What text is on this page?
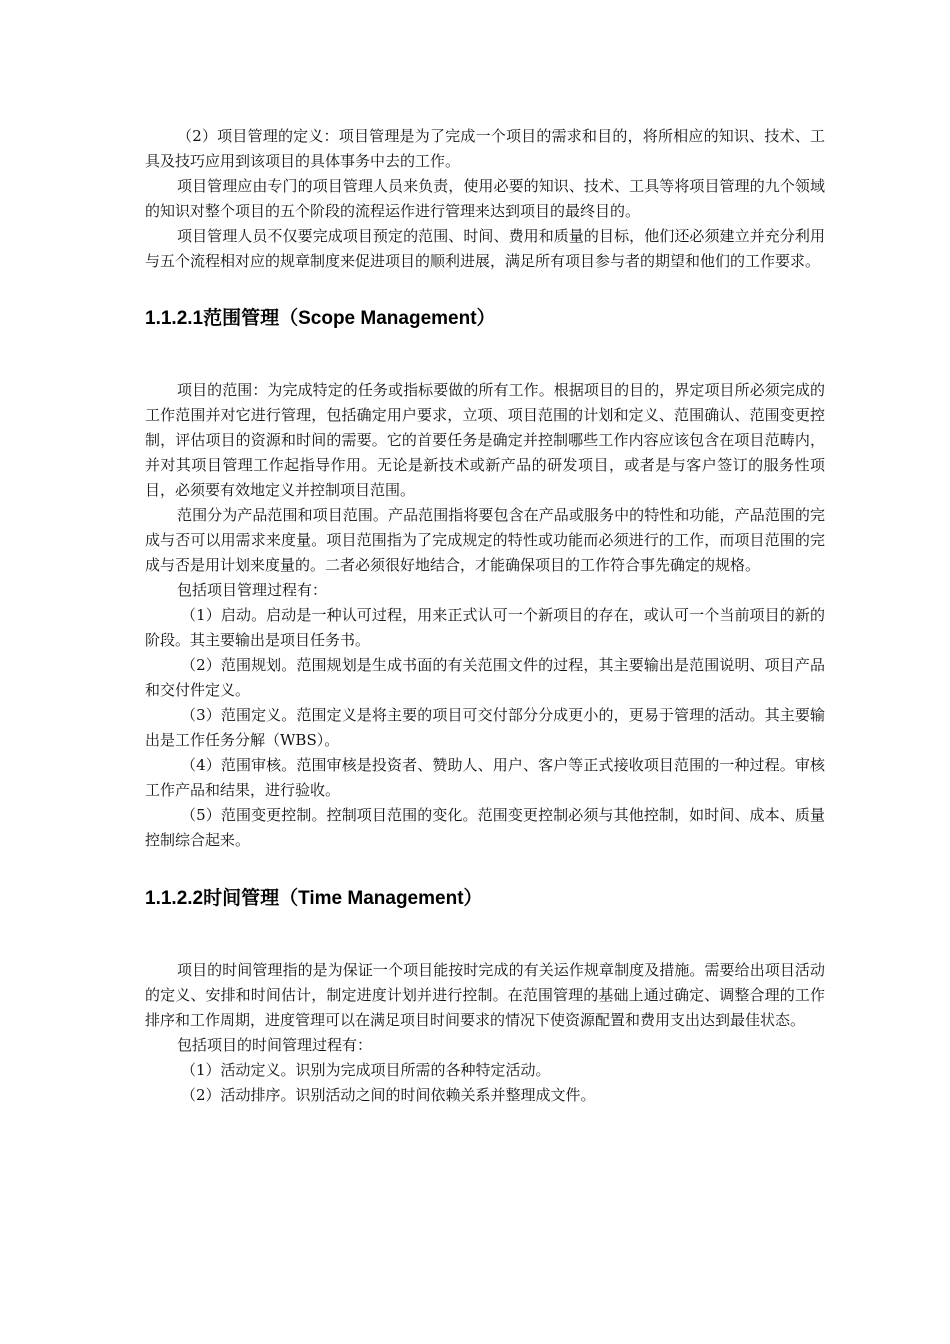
（2）项目管理的定义：项目管理是为了完成一个项目的需求和目的，将所相应的知识、技术、工具及技巧应用到该项目的具体事务中去的工作。

项目管理应由专门的项目管理人员来负责，使用必要的知识、技术、工具等将项目管理的九个领域的知识对整个项目的五个阶段的流程运作进行管理来达到项目的最终目的。

项目管理人员不仅要完成项目预定的范围、时间、费用和质量的目标，他们还必须建立并充分利用与五个流程相对应的规章制度来促进项目的顺利进展，满足所有项目参与者的期望和他们的工作要求。

1.1.2.1范围管理（Scope Management）

项目的范围：为完成特定的任务或指标要做的所有工作。根据项目的目的，界定项目所必须完成的工作范围并对它进行管理，包括确定用户要求，立项、项目范围的计划和定义、范围确认、范围变更控制，评估项目的资源和时间的需要。它的首要任务是确定并控制哪些工作内容应该包含在项目范畴内，并对其项目管理工作起指导作用。无论是新技术或新产品的研发项目，或者是与客户签订的服务性项目，必须要有效地定义并控制项目范围。

范围分为产品范围和项目范围。产品范围指将要包含在产品或服务中的特性和功能，产品范围的完成与否可以用需求来度量。项目范围指为了完成规定的特性或功能而必须进行的工作，而项目范围的完成与否是用计划来度量的。二者必须很好地结合，才能确保项目的工作符合事先确定的规格。

包括项目管理过程有：

（1）启动。启动是一种认可过程，用来正式认可一个新项目的存在，或认可一个当前项目的新的阶段。其主要输出是项目任务书。

（2）范围规划。范围规划是生成书面的有关范围文件的过程，其主要输出是范围说明、项目产品和交付件定义。

（3）范围定义。范围定义是将主要的项目可交付部分分成更小的，更易于管理的活动。其主要输出是工作任务分解（WBS）。

（4）范围审核。范围审核是投资者、赞助人、用户、客户等正式接收项目范围的一种过程。审核工作产品和结果，进行验收。

（5）范围变更控制。控制项目范围的变化。范围变更控制必须与其他控制，如时间、成本、质量控制综合起来。

1.1.2.2时间管理（Time Management）

项目的时间管理指的是为保证一个项目能按时完成的有关运作规章制度及措施。需要给出项目活动的定义、安排和时间估计，制定进度计划并进行控制。在范围管理的基础上通过确定、调整合理的工作排序和工作周期，进度管理可以在满足项目时间要求的情况下使资源配置和费用支出达到最佳状态。

包括项目的时间管理过程有：

（1）活动定义。识别为完成项目所需的各种特定活动。

（2）活动排序。识别活动之间的时间依赖关系并整理成文件。
